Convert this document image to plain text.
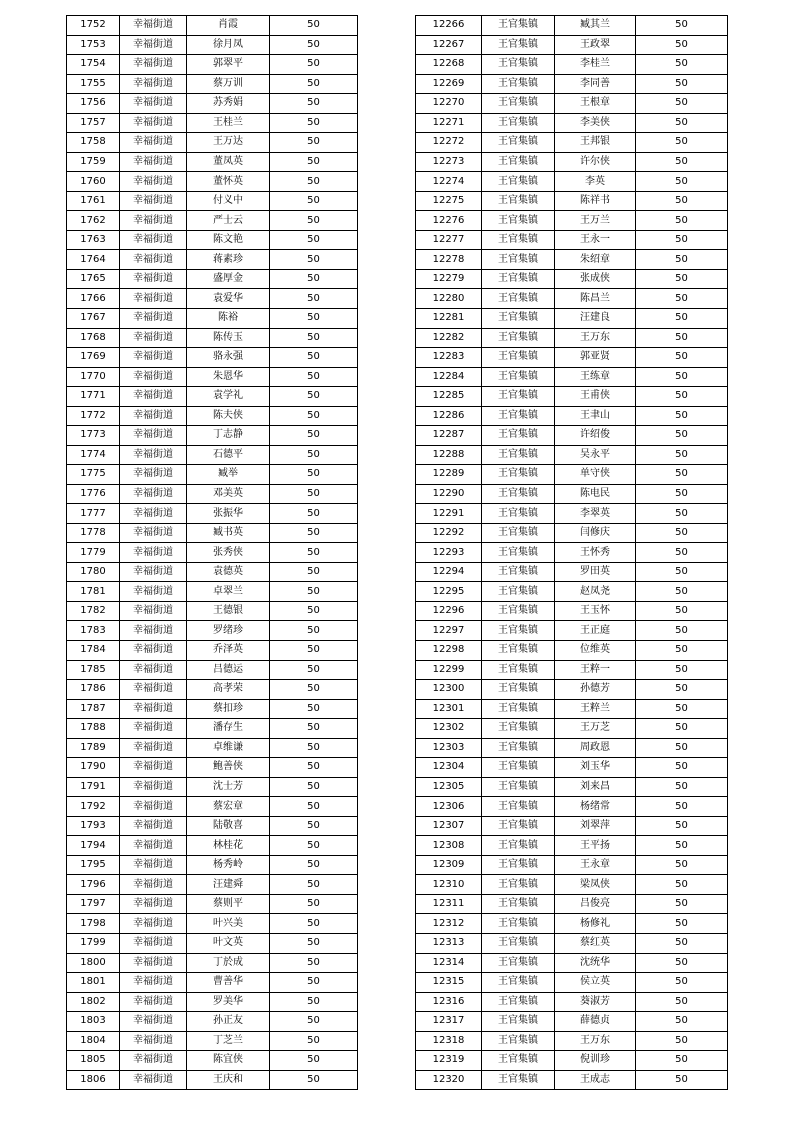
1752	幸福街道	肖霞	50
1753	幸福街道	徐月凤	50
1754	幸福街道	郭翠平	50
1755	幸福街道	蔡万训	50
1756	幸福街道	苏秀娟	50
1757	幸福街道	王桂兰	50
1758	幸福街道	王万达	50
1759	幸福街道	董凤英	50
1760	幸福街道	董怀英	50
1761	幸福街道	付义中	50
1762	幸福街道	严士云	50
1763	幸福街道	陈文艳	50
1764	幸福街道	蒋素珍	50
1765	幸福街道	盛厚金	50
1766	幸福街道	袁爱华	50
1767	幸福街道	陈裕	50
1768	幸福街道	陈传玉	50
1769	幸福街道	骆永强	50
1770	幸福街道	朱恩华	50
1771	幸福街道	袁学礼	50
1772	幸福街道	陈夫侠	50
1773	幸福街道	丁志静	50
1774	幸福街道	石德平	50
1775	幸福街道	臧举	50
1776	幸福街道	邓美英	50
1777	幸福街道	张振华	50
1778	幸福街道	臧书英	50
1779	幸福街道	张秀侠	50
1780	幸福街道	袁德英	50
1781	幸福街道	卓翠兰	50
1782	幸福街道	王德银	50
1783	幸福街道	罗绪珍	50
1784	幸福街道	乔泽英	50
1785	幸福街道	吕德运	50
1786	幸福街道	高孝荣	50
1787	幸福街道	蔡扣珍	50
1788	幸福街道	潘存生	50
1789	幸福街道	卓维谦	50
1790	幸福街道	鲍善侠	50
1791	幸福街道	沈士芳	50
1792	幸福街道	蔡宏章	50
1793	幸福街道	陆敬喜	50
1794	幸福街道	林桂花	50
1795	幸福街道	杨秀岭	50
1796	幸福街道	汪建舜	50
1797	幸福街道	蔡则平	50
1798	幸福街道	叶兴美	50
1799	幸福街道	叶文英	50
1800	幸福街道	丁於成	50
1801	幸福街道	曹善华	50
1802	幸福街道	罗美华	50
1803	幸福街道	孙正友	50
1804	幸福街道	丁芝兰	50
1805	幸福街道	陈宜侠	50
1806	幸福街道	王庆和	50
12266	王官集镇	臧其兰	50
12267	王官集镇	王政翠	50
12268	王官集镇	李桂兰	50
12269	王官集镇	李同善	50
12270	王官集镇	王根章	50
12271	王官集镇	李美侠	50
12272	王官集镇	王邦银	50
12273	王官集镇	许尔侠	50
12274	王官集镇	李英	50
12275	王官集镇	陈祥书	50
12276	王官集镇	王万兰	50
12277	王官集镇	王永一	50
12278	王官集镇	朱绍章	50
12279	王官集镇	张成侠	50
12280	王官集镇	陈昌兰	50
12281	王官集镇	汪建良	50
12282	王官集镇	王万东	50
12283	王官集镇	郭亚贤	50
12284	王官集镇	王练章	50
12285	王官集镇	王甫侠	50
12286	王官集镇	王聿山	50
12287	王官集镇	许绍俊	50
12288	王官集镇	吴永平	50
12289	王官集镇	单守侠	50
12290	王官集镇	陈电民	50
12291	王官集镇	李翠英	50
12292	王官集镇	闫修庆	50
12293	王官集镇	王怀秀	50
12294	王官集镇	罗田英	50
12295	王官集镇	赵凤尧	50
12296	王官集镇	王玉怀	50
12297	王官集镇	王正庭	50
12298	王官集镇	位维英	50
12299	王官集镇	王粹一	50
12300	王官集镇	孙德芳	50
12301	王官集镇	王粹兰	50
12302	王官集镇	王万芝	50
12303	王官集镇	周政恩	50
12304	王官集镇	刘玉华	50
12305	王官集镇	刘来昌	50
12306	王官集镇	杨绪常	50
12307	王官集镇	刘翠萍	50
12308	王官集镇	王平扬	50
12309	王官集镇	王永章	50
12310	王官集镇	梁凤侠	50
12311	王官集镇	吕俊亮	50
12312	王官集镇	杨修礼	50
12313	王官集镇	蔡红英	50
12314	王官集镇	沈统华	50
12315	王官集镇	侯立英	50
12316	王官集镇	葵淑芳	50
12317	王官集镇	薛德贞	50
12318	王官集镇	王万东	50
12319	王官集镇	倪训珍	50
12320	王官集镇	王成志	50
